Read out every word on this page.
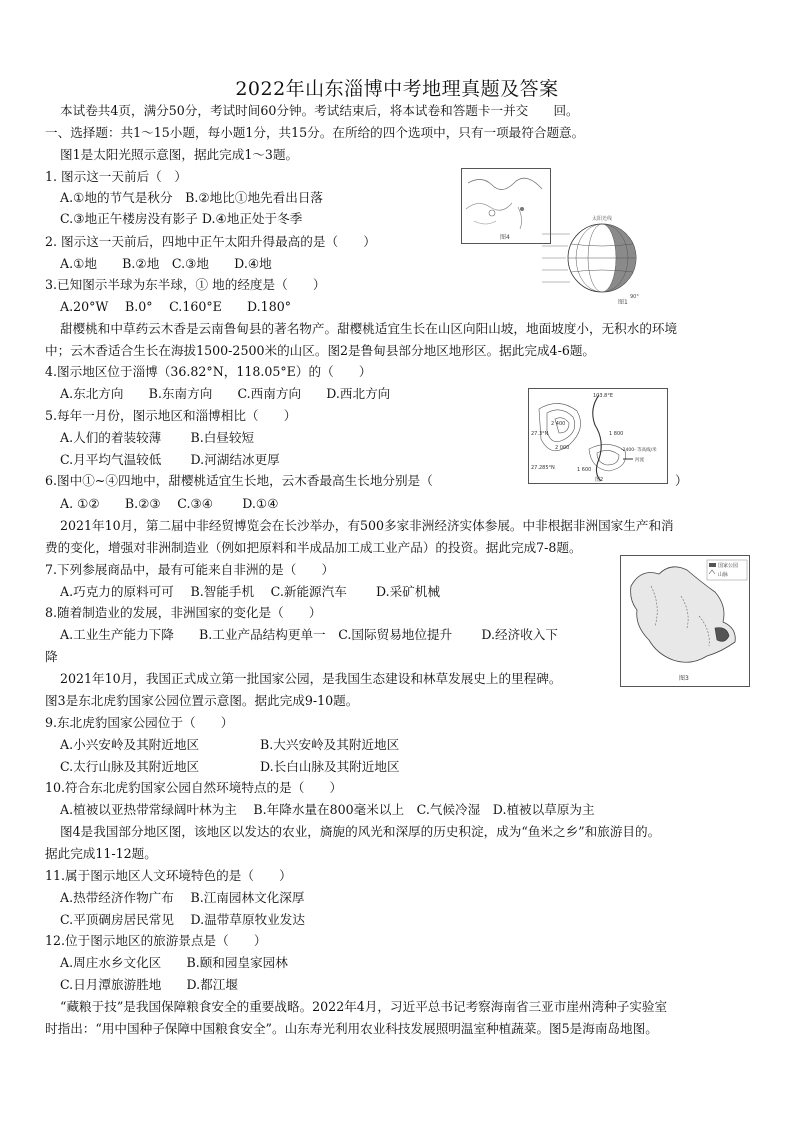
2022年山东淄博中考地理真题及答案
本试卷共4页，满分50分，考试时间60分钟。考试结束后，将本试卷和答题卡一并交　　回。
一、选择题：共1～15小题，每小题1分，共15分。在所给的四个选项中，只有一项最符合题意。
图1是太阳光照示意图，据此完成1～3题。
1. 图示这一天前后（　）
A.①地的节气是秋分　B.②地比①地先看出日落
C.③地正午楼房没有影子 D.④地正处于冬季
2. 图示这一天前后，四地中正午太阳升得最高的是（　　）
A.①地　　B.②地　C.③地　　D.④地
3.已知图示半球为东半球，① 地的经度是（　　）
A.20°W　 B.0°　 C.160°E　　D.180°
甜樱桃和中草药云木香是云南鲁甸县的著名物产。甜樱桃适宜生长在山区向阳山坡，地面坡度小，无积水的环境
中；云木香适合生长在海拔1500-2500米的山区。图2是鲁甸县部分地区地形区。据此完成4-6题。
4.图示地区位于淄博（36.82°N，118.05°E）的（　　）
A.东北方向　　B.东南方向　　C.西南方向　　D.西北方向
5.每年一月份，图示地区和淄博相比（　　）
A.人们的着装较薄　　 B.白昼较短
C.月平均气温较低　　 D.河湖结冰更厚
6.图中①~④四地中，甜樱桃适宜生长地，云木香最高生长地分别是（	）
A. ①②　　B.②③　 C.③④　　 D.①④
2021年10月，第二届中非经贸博览会在长沙举办，有500多家非洲经济实体参展。中非根据非洲国家生产和消
费的变化，增强对非洲制造业（例如把原料和半成品加工成工业产品）的投资。据此完成7-8题。
7.下列参展商品中，最有可能来自非洲的是（　　）
A.巧克力的原料可可　 B.智能手机　 C.新能源汽车　　 D.采矿机械
8.随着制造业的发展，非洲国家的变化是（　　）
A.工业生产能力下降　　B.工业产品结构更单一　C.国际贸易地位提升　　 D.经济收入下
降
2021年10月，我国正式成立第一批国家公园，是我国生态建设和林草发展史上的里程碑。
图3是东北虎豹国家公园位置示意图。据此完成9-10题。
9.东北虎豹国家公园位于（　　）
A.小兴安岭及其附近地区	B.大兴安岭及其附近地区
C.太行山脉及其附近地区	D.长白山脉及其附近地区
10.符合东北虎豹国家公园自然环境特点的是（　　）
A.植被以亚热带常绿阔叶林为主　 B.年降水量在800毫米以上　C.气候冷湿　D.植被以草原为主
图4是我国部分地区图，该地区以发达的农业，旖旎的风光和深厚的历史积淀，成为“鱼米之乡”和旅游目的。
据此完成11-12题。
11.属于图示地区人文环境特色的是（　　）
A.热带经济作物广布　 B.江南园林文化深厚
C.平顶碉房居民常见　 D.温带草原牧业发达
12.位于图示地区的旅游景点是（　　）
A.周庄水乡文化区　　B.颐和园皇家园林
C.日月潭旅游胜地　　D.都江堰
“藏粮于技”是我国保障粮食安全的重要战略。2022年4月，习近平总书记考察海南省三亚市崖州湾种子实验室
时指出：“用中国种子保障中国粮食安全”。山东寿光利用农业科技发展照明温室种植蔬菜。图5是海南岛地图。
图4
太阳光线
90°
图1
103.8°E
27.3°N
27.285°N
2 400
2 000
1 600
1 800
-2400- 等高线/米
河流
图2
国家公园
山脉
图3
